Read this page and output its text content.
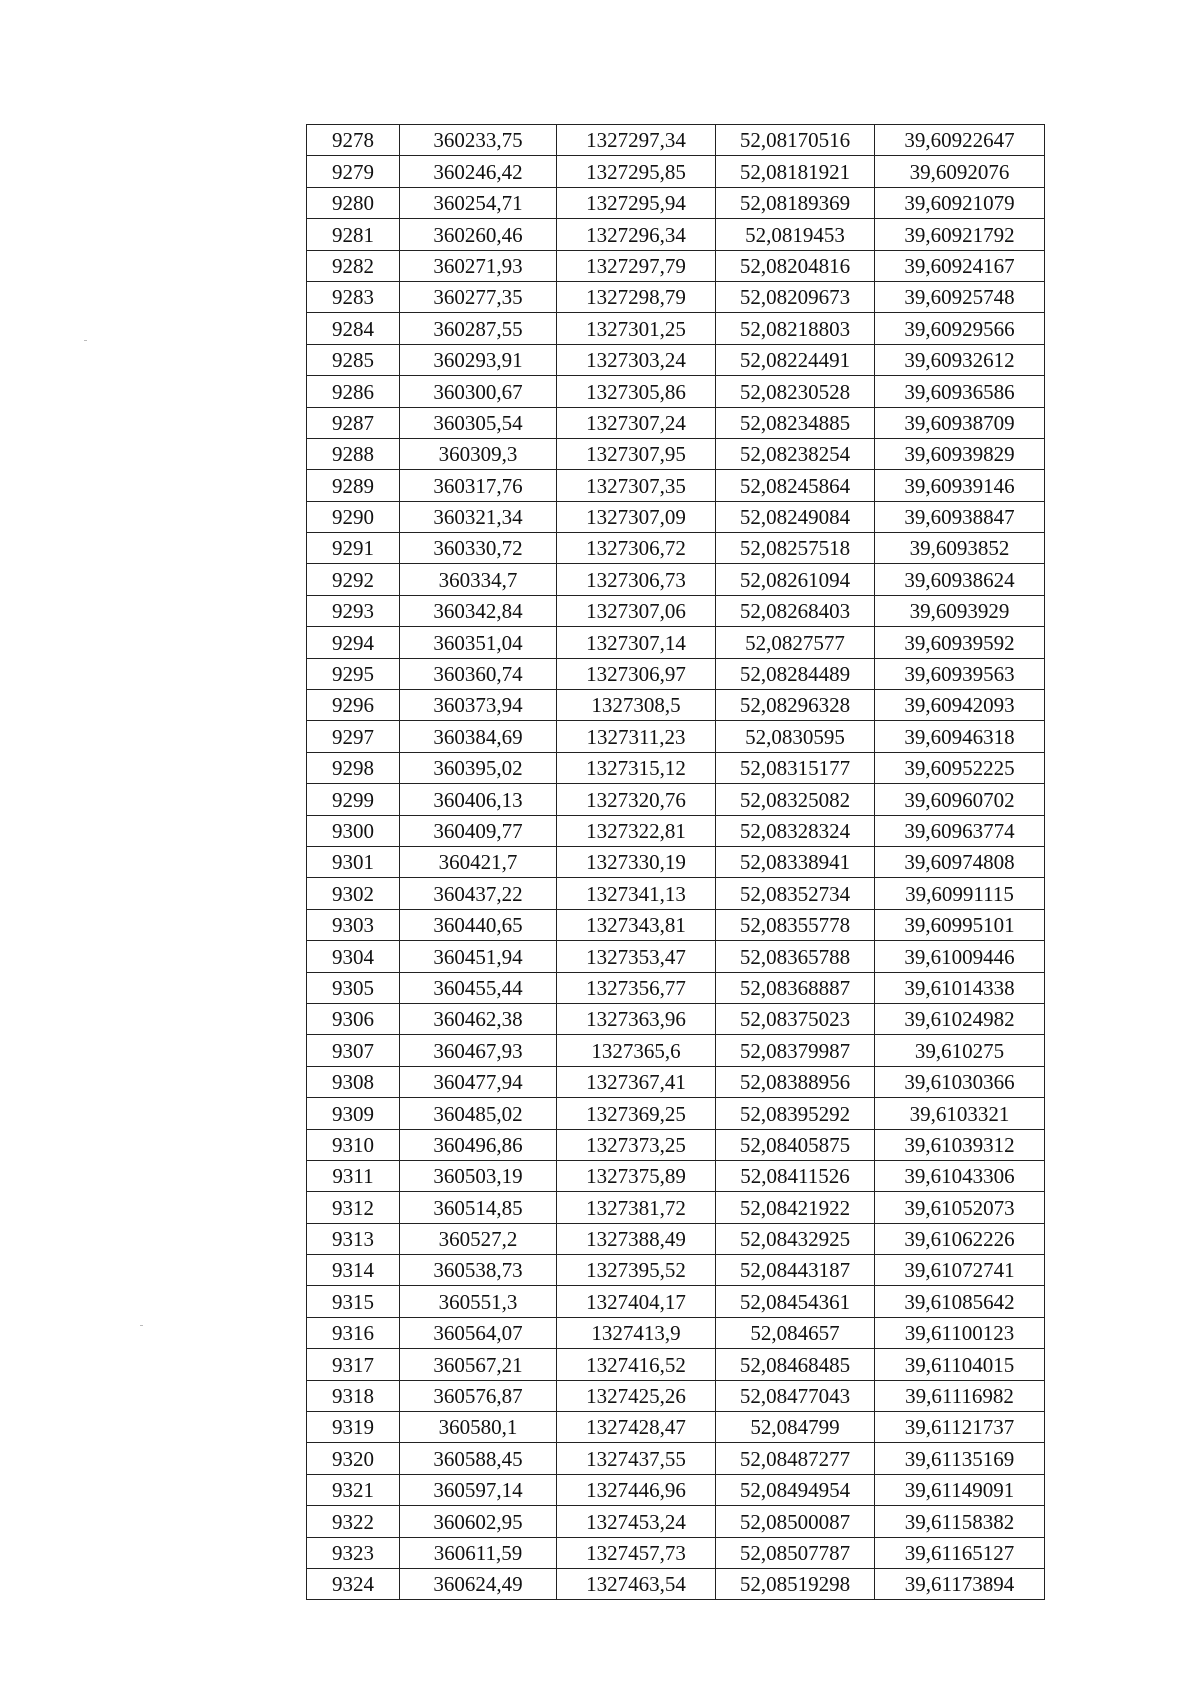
9278	360233,75	1327297,34	52,08170516	39,60922647
9279	360246,42	1327295,85	52,08181921	39,6092076
9280	360254,71	1327295,94	52,08189369	39,60921079
9281	360260,46	1327296,34	52,0819453	39,60921792
9282	360271,93	1327297,79	52,08204816	39,60924167
9283	360277,35	1327298,79	52,08209673	39,60925748
9284	360287,55	1327301,25	52,08218803	39,60929566
9285	360293,91	1327303,24	52,08224491	39,60932612
9286	360300,67	1327305,86	52,08230528	39,60936586
9287	360305,54	1327307,24	52,08234885	39,60938709
9288	360309,3	1327307,95	52,08238254	39,60939829
9289	360317,76	1327307,35	52,08245864	39,60939146
9290	360321,34	1327307,09	52,08249084	39,60938847
9291	360330,72	1327306,72	52,08257518	39,6093852
9292	360334,7	1327306,73	52,08261094	39,60938624
9293	360342,84	1327307,06	52,08268403	39,6093929
9294	360351,04	1327307,14	52,0827577	39,60939592
9295	360360,74	1327306,97	52,08284489	39,60939563
9296	360373,94	1327308,5	52,08296328	39,60942093
9297	360384,69	1327311,23	52,0830595	39,60946318
9298	360395,02	1327315,12	52,08315177	39,60952225
9299	360406,13	1327320,76	52,08325082	39,60960702
9300	360409,77	1327322,81	52,08328324	39,60963774
9301	360421,7	1327330,19	52,08338941	39,60974808
9302	360437,22	1327341,13	52,08352734	39,60991115
9303	360440,65	1327343,81	52,08355778	39,60995101
9304	360451,94	1327353,47	52,08365788	39,61009446
9305	360455,44	1327356,77	52,08368887	39,61014338
9306	360462,38	1327363,96	52,08375023	39,61024982
9307	360467,93	1327365,6	52,08379987	39,610275
9308	360477,94	1327367,41	52,08388956	39,61030366
9309	360485,02	1327369,25	52,08395292	39,6103321
9310	360496,86	1327373,25	52,08405875	39,61039312
9311	360503,19	1327375,89	52,08411526	39,61043306
9312	360514,85	1327381,72	52,08421922	39,61052073
9313	360527,2	1327388,49	52,08432925	39,61062226
9314	360538,73	1327395,52	52,08443187	39,61072741
9315	360551,3	1327404,17	52,08454361	39,61085642
9316	360564,07	1327413,9	52,084657	39,61100123
9317	360567,21	1327416,52	52,08468485	39,61104015
9318	360576,87	1327425,26	52,08477043	39,61116982
9319	360580,1	1327428,47	52,084799	39,61121737
9320	360588,45	1327437,55	52,08487277	39,61135169
9321	360597,14	1327446,96	52,08494954	39,61149091
9322	360602,95	1327453,24	52,08500087	39,61158382
9323	360611,59	1327457,73	52,08507787	39,61165127
9324	360624,49	1327463,54	52,08519298	39,61173894
